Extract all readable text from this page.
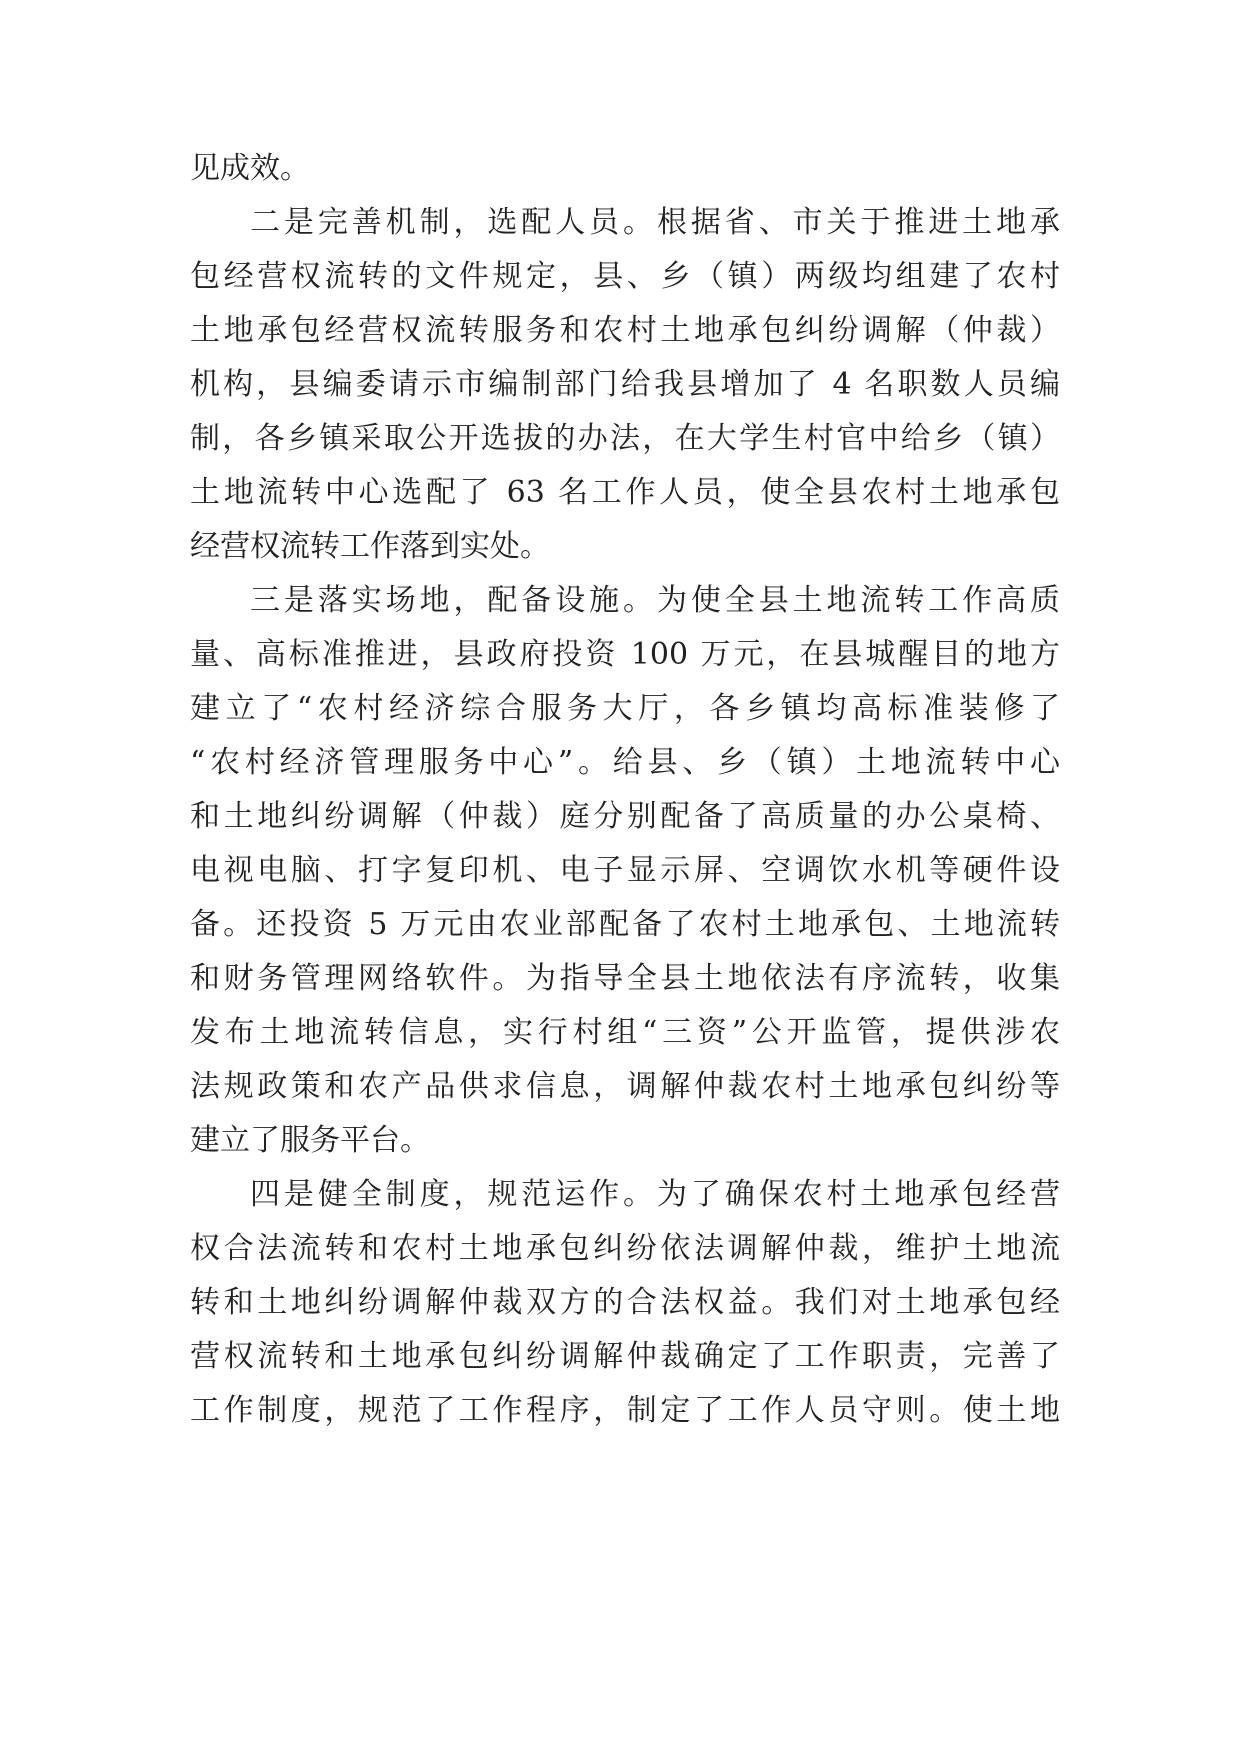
见成效。
二是完善机制，选配人员。根据省、市关于推进土地承
包经营权流转的文件规定，县、乡（镇）两级均组建了农村
土地承包经营权流转服务和农村土地承包纠纷调解（仲裁）
机构，县编委请示市编制部门给我县增加了 4 名职数人员编
制，各乡镇采取公开选拔的办法，在大学生村官中给乡（镇）
土地流转中心选配了 63 名工作人员，使全县农村土地承包
经营权流转工作落到实处。
三是落实场地，配备设施。为使全县土地流转工作高质
量、高标准推进，县政府投资 100 万元，在县城醒目的地方
建立了“农村经济综合服务大厅，各乡镇均高标准装修了
“农村经济管理服务中心”。给县、乡（镇）土地流转中心
和土地纠纷调解（仲裁）庭分别配备了高质量的办公桌椅、
电视电脑、打字复印机、电子显示屏、空调饮水机等硬件设
备。还投资 5 万元由农业部配备了农村土地承包、土地流转
和财务管理网络软件。为指导全县土地依法有序流转，收集
发布土地流转信息，实行村组“三资”公开监管，提供涉农
法规政策和农产品供求信息，调解仲裁农村土地承包纠纷等
建立了服务平台。
四是健全制度，规范运作。为了确保农村土地承包经营
权合法流转和农村土地承包纠纷依法调解仲裁，维护土地流
转和土地纠纷调解仲裁双方的合法权益。我们对土地承包经
营权流转和土地承包纠纷调解仲裁确定了工作职责，完善了
工作制度，规范了工作程序，制定了工作人员守则。使土地
